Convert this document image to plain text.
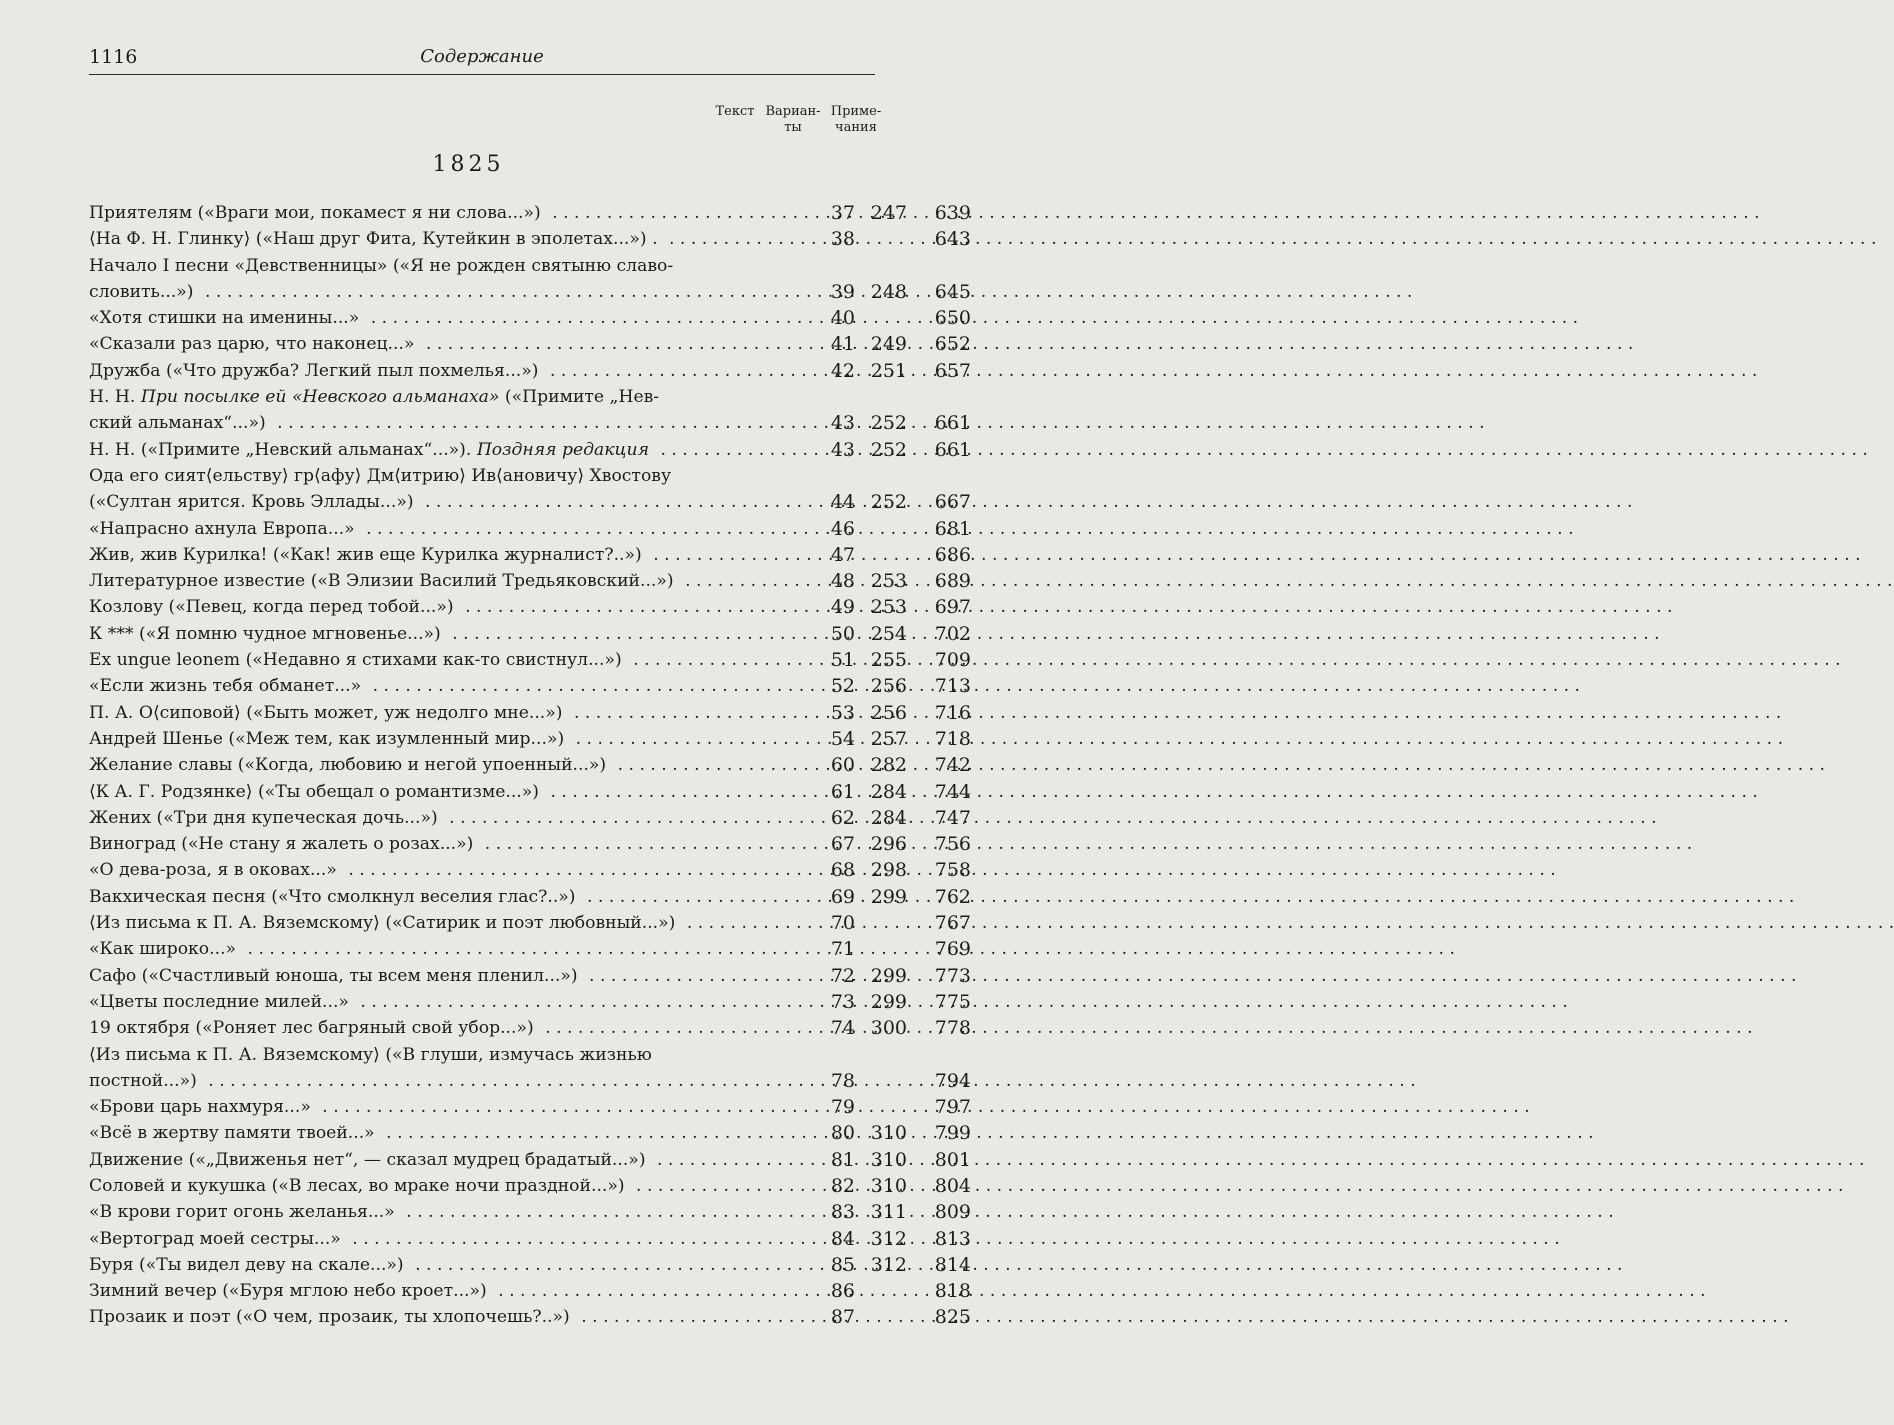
1116	Содержание
Текст Вариан-
ты
Приме-
чания
1825
Приятелям («Враги мои, покамест я ни слова...») . . .	37 247	639
⟨На Ф. Н. Глинку⟩ («Наш друг Фита, Кутейкин в эполетах...») . . . .	38	643
Начало I песни «Девственницы» («Я не рожден святыню славо-
словить...») . . .	39 248	645
«Хотя стишки на именины...» . . .	40	650
«Сказали раз царю, что наконец...» . . .	41 249	652
Дружба («Что дружба? Легкий пыл похмелья...») . . .	42 251	657
Н. Н. При посылке ей «Невского альманаха» («Примите „Нев-
ский альманах“...») . . .	43 252	661
Н. Н. («Примите „Невский альманах“...»). Поздняя редакция . . .	43 252	661
Ода его сият⟨ельству⟩ гр⟨афу⟩ Дм⟨итрию⟩ Ив⟨ановичу⟩ Хвостову
(«Султан ярится. Кровь Эллады...») . . .	44 252	667
«Напрасно ахнула Европа...» . . .	46	681
Жив, жив Курилка! («Как! жив еще Курилка журналист?..») . . .	47	686
Литературное известие («В Элизии Василий Тредьяковский...») . . .	48 253	689
Козлову («Певец, когда перед тобой...») . . .	49 253	697
К *** («Я помню чудное мгновенье...») . . .	50 254	702
Ex ungue leonem («Недавно я стихами как-то свистнул...») . . .	51 255	709
«Если жизнь тебя обманет...» . . .	52 256	713
П. А. О⟨сиповой⟩ («Быть может, уж недолго мне...») . . .	53 256	716
Андрей Шенье («Меж тем, как изумленный мир...») . . .	54 257	718
Желание славы («Когда, любовию и негой упоенный...») . . .	60 282	742
⟨К А. Г. Родзянке⟩ («Ты обещал о романтизме...») . . .	61 284	744
Жених («Три дня купеческая дочь...») . . .	62 284	747
Виноград («Не стану я жалеть о розах...») . . .	67 296	756
«О дева-роза, я в оковах...» . . .	68 298	758
Вакхическая песня («Что смолкнул веселия глас?..») . . .	69 299	762
⟨Из письма к П. А. Вяземскому⟩ («Сатирик и поэт любовный...») . . .	70	767
«Как широко...» . . .	71	769
Сафо («Счастливый юноша, ты всем меня пленил...») . . .	72 299	773
«Цветы последние милей...» . . .	73 299	775
19 октября («Роняет лес багряный свой убор...») . . .	74 300	778
⟨Из письма к П. А. Вяземскому⟩ («В глуши, измучась жизнью
постной...») . . .	78	794
«Брови царь нахмуря...» . . .	79	797
«Всё в жертву памяти твоей...» . . .	80 310	799
Движение («„Движенья нет“, — сказал мудрец брадатый...») . . .	81 310	801
Соловей и кукушка («В лесах, во мраке ночи праздной...») . . .	82 310	804
«В крови горит огонь желанья...» . . .	83 311	809
«Вертоград моей сестры...» . . .	84 312	813
Буря («Ты видел деву на скале...») . . .	85 312	814
Зимний вечер («Буря мглою небо кроет...») . . .	86	818
Прозаик и поэт («О чем, прозаик, ты хлопочешь?..») . . .	87	825
